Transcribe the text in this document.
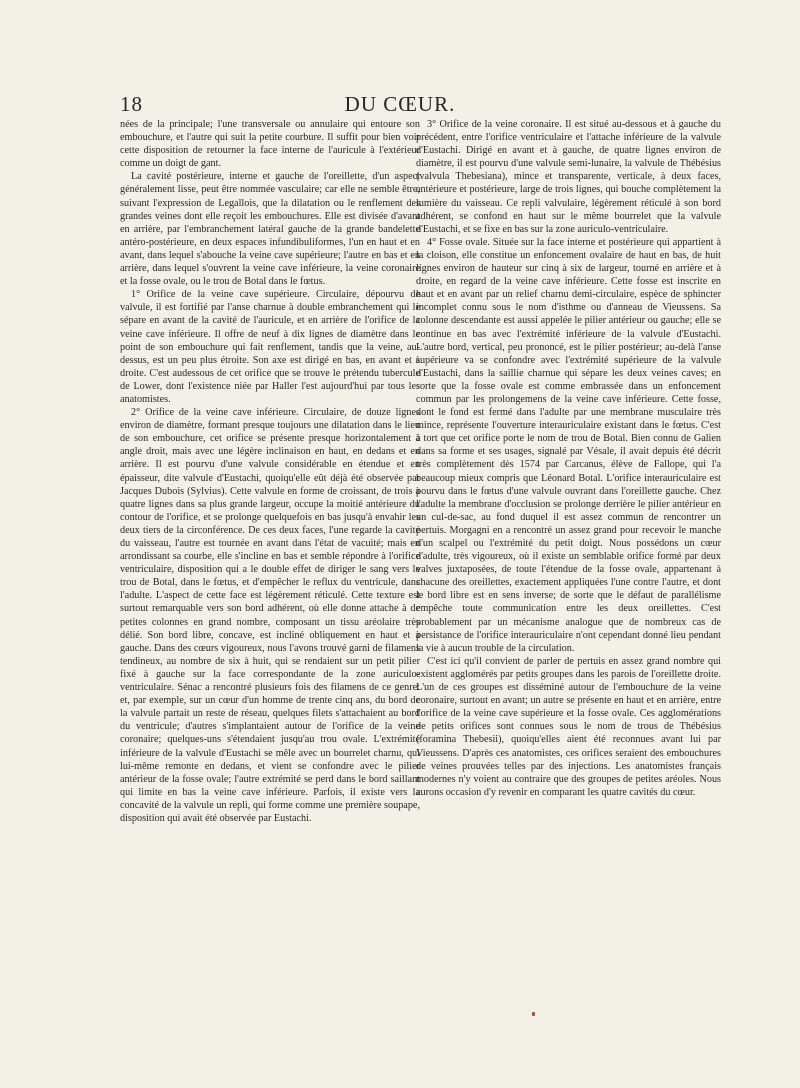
18	DU CŒUR.

nées de la principale; l'une transversale ou annulaire qui entoure son embouchure, et l'autre qui suit la petite courbure. Il suffit pour bien voir cette disposition de retourner la face interne de l'auricule à l'extérieur comme un doigt de gant.

La cavité postérieure, interne et gauche de l'oreillette, d'un aspect généralement lisse, peut être nommée vasculaire; car elle ne semble être, suivant l'expression de Legallois, que la dilatation ou le renflement des grandes veines dont elle reçoit les embouchures. Elle est divisée d'avant en arrière, par l'embranchement latéral gauche de la grande bandelette antéro-postérieure, en deux espaces infundibuliformes, l'un en haut et en avant, dans lequel s'abouche la veine cave supérieure; l'autre en bas et en arrière, dans lequel s'ouvrent la veine cave inférieure, la veine coronaire et la fosse ovale, ou le trou de Botal dans le fœtus.

1° Orifice de la veine cave supérieure. Circulaire, dépourvu de valvule, il est fortifié par l'anse charnue à double embranchement qui le sépare en avant de la cavité de l'auricule, et en arrière de l'orifice de la veine cave inférieure. Il offre de neuf à dix lignes de diamètre dans le point de son embouchure qui fait renflement, tandis que la veine, au-dessus, est un peu plus étroite. Son axe est dirigé en bas, en avant et à droite. C'est audessous de cet orifice que se trouve le prétendu tubercule de Lower, dont l'existence niée par Haller l'est aujourd'hui par tous les anatomistes.

2° Orifice de la veine cave inférieure. Circulaire, de douze lignes environ de diamètre, formant presque toujours une dilatation dans le lieu de son embouchure, cet orifice se présente presque horizontalement à angle droit, mais avec une légère inclinaison en haut, en dedans et en arrière. Il est pourvu d'une valvule considérable en étendue et en épaisseur, dite valvule d'Eustachi, quoiqu'elle eût déjà été observée par Jacques Dubois (Sylvius). Cette valvule en forme de croissant, de trois à quatre lignes dans sa plus grande largeur, occupe la moitié antérieure du contour de l'orifice, et se prolonge quelquefois en bas jusqu'à envahir les deux tiers de la circonférence. De ces deux faces, l'une regarde la cavité du vaisseau, l'autre est tournée en avant dans l'état de vacuité; mais en arrondissant sa courbe, elle s'incline en bas et semble répondre à l'orifice ventriculaire, disposition qui a le double effet de diriger le sang vers le trou de Botal, dans le fœtus, et d'empêcher le reflux du ventricule, dans l'adulte. L'aspect de cette face est légèrement réticulé. Cette texture est surtout remarquable vers son bord adhérent, où elle donne attache à de petites colonnes en grand nombre, composant un tissu aréolaire très délié. Son bord libre, concave, est incliné obliquement en haut et à gauche. Dans des cœurs vigoureux, nous l'avons trouvé garni de filamens tendineux, au nombre de six à huit, qui se rendaient sur un petit pilier fixé à gauche sur la face correspondante de la zone auriculo-ventriculaire. Sénac a rencontré plusieurs fois des filamens de ce genre: et, par exemple, sur un cœur d'un homme de trente cinq ans, du bord de la valvule partait un reste de réseau, quelques filets s'attachaient au bord du ventricule; d'autres s'implantaient autour de l'orifice de la veine coronaire; quelques-uns s'étendaient jusqu'au trou ovale. L'extrémité inférieure de la valvule d'Eustachi se mêle avec un bourrelet charnu, qui lui-même remonte en dedans, et vient se confondre avec le pilier antérieur de la fosse ovale; l'autre extrémité se perd dans le bord saillant qui limite en bas la veine cave inférieure. Parfois, il existe vers la concavité de la valvule un repli, qui forme comme une première soupape, disposition qui avait été observée par Eustachi.

3° Orifice de la veine coronaire. Il est situé au-dessous et à gauche du précédent, entre l'orifice ventriculaire et l'attache inférieure de la valvule d'Eustachi. Dirigé en avant et à gauche, de quatre lignes environ de diamètre, il est pourvu d'une valvule semi-lunaire, la valvule de Thébésius (valvula Thebesiana), mince et transparente, verticale, à deux faces, antérieure et postérieure, large de trois lignes, qui bouche complètement la lumière du vaisseau. Ce repli valvulaire, légèrement réticulé à son bord adhérent, se confond en haut sur le même bourrelet que la valvule d'Eustachi, et se fixe en bas sur la zone auriculo-ventriculaire.

4° Fosse ovale. Située sur la face interne et postérieure qui appartient à la cloison, elle constitue un enfoncement ovalaire de haut en bas, de huit lignes environ de hauteur sur cinq à six de largeur, tourné en arrière et à droite, en regard de la veine cave inférieure. Cette fosse est inscrite en haut et en avant par un relief charnu demi-circulaire, espèce de sphincter incomplet connu sous le nom d'isthme ou d'anneau de Vieussens. Sa colonne descendante est aussi appelée le pilier antérieur ou gauche; elle se continue en bas avec l'extrémité inférieure de la valvule d'Eustachi. L'autre bord, vertical, peu prononcé, est le pilier postérieur; au-delà l'anse supérieure va se confondre avec l'extrémité supérieure de la valvule d'Eustachi, dans la saillie charnue qui sépare les deux veines caves; en sorte que la fosse ovale est comme embrassée dans un enfoncement commun par les prolongemens de la veine cave inférieure. Cette fosse, dont le fond est fermé dans l'adulte par une membrane musculaire très mince, représente l'ouverture interauriculaire existant dans le fœtus. C'est à tort que cet orifice porte le nom de trou de Botal. Bien connu de Galien dans sa forme et ses usages, signalé par Vésale, il avait depuis été décrit très complètement dès 1574 par Carcanus, élève de Fallope, qui l'a beaucoup mieux compris que Léonard Botal. L'orifice interauriculaire est pourvu dans le fœtus d'une valvule ouvrant dans l'oreillette gauche. Chez l'adulte la membrane d'occlusion se prolonge derrière le pilier antérieur en un cul-de-sac, au fond duquel il est assez commun de rencontrer un pertuis. Morgagni en a rencontré un assez grand pour recevoir le manche d'un scalpel ou l'extrémité du petit doigt. Nous possédons un cœur d'adulte, très vigoureux, où il existe un semblable orifice formé par deux valves juxtaposées, de toute l'étendue de la fosse ovale, appartenant à chacune des oreillettes, exactement appliquées l'une contre l'autre, et dont le bord libre est en sens inverse; de sorte que le défaut de parallélisme empêche toute communication entre les deux oreillettes. C'est probablement par un mécanisme analogue que de nombreux cas de persistance de l'orifice interauriculaire n'ont cependant donné lieu pendant la vie à aucun trouble de la circulation.

C'est ici qu'il convient de parler de pertuis en assez grand nombre qui existent agglomérés par petits groupes dans les parois de l'oreillette droite. L'un de ces groupes est disséminé autour de l'embouchure de la veine coronaire, surtout en avant; un autre se présente en haut et en arrière, entre l'orifice de la veine cave supérieure et la fosse ovale. Ces agglomérations de petits orifices sont connues sous le nom de trous de Thébésius (foramina Thebesii), quoiqu'elles aient été reconnues avant lui par Vieussens. D'après ces anatomistes, ces orifices seraient des embouchures de veines prouvées telles par des injections. Les anatomistes français modernes n'y voient au contraire que des groupes de petites aréoles. Nous aurons occasion d'y revenir en comparant les quatre cavités du cœur.
